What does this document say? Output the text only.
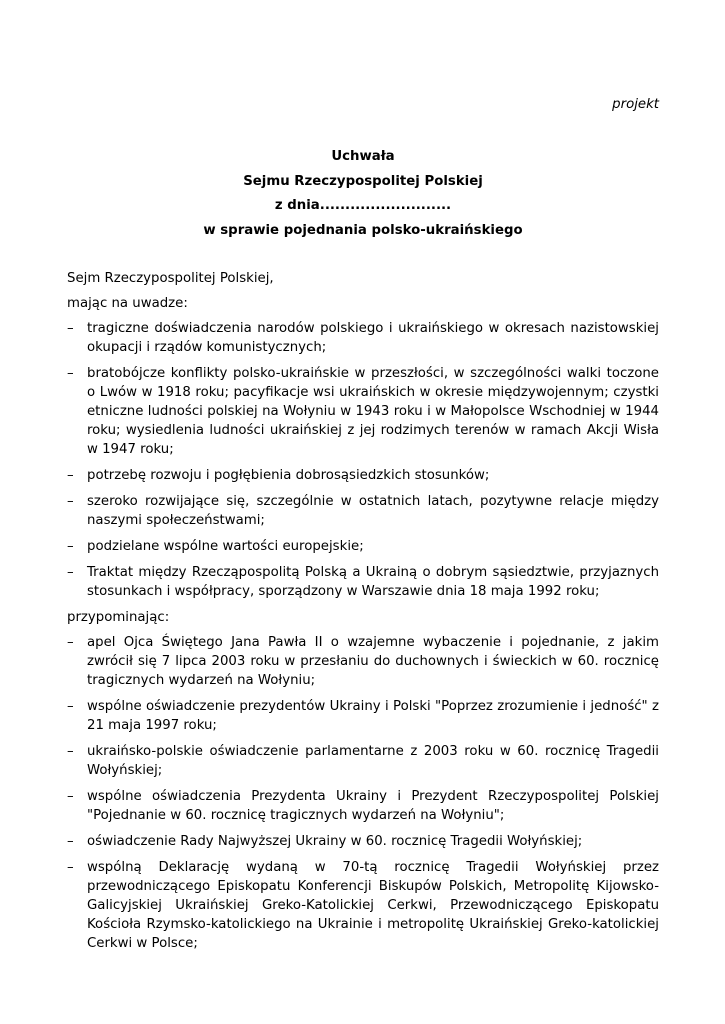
projekt
Uchwała
Sejmu Rzeczypospolitej Polskiej
z dnia..........................
w sprawie pojednania polsko-ukraińskiego

Sejm Rzeczypospolitej Polskiej,

mając na uwadze:

– tragiczne doświadczenia narodów polskiego i ukraińskiego w okresach nazistowskiej okupacji i rządów komunistycznych;
– bratobójcze konflikty polsko-ukraińskie w przeszłości, w szczególności walki toczone o Lwów w 1918 roku; pacyfikacje wsi ukraińskich w okresie międzywojennym; czystki etniczne ludności polskiej na Wołyniu w 1943 roku i w Małopolsce Wschodniej w 1944 roku; wysiedlenia ludności ukraińskiej z jej rodzimych terenów w ramach Akcji Wisła w 1947 roku;
– potrzebę rozwoju i pogłębienia dobrosąsiedzkich stosunków;
– szeroko rozwijające się, szczególnie w ostatnich latach, pozytywne relacje między naszymi społeczeństwami;
– podzielane wspólne wartości europejskie;
– Traktat między Rzecząpospolitą Polską a Ukrainą o dobrym sąsiedztwie, przyjaznych stosunkach i współpracy, sporządzony w Warszawie dnia 18 maja 1992 roku;

przypominając:

– apel Ojca Świętego Jana Pawła II o wzajemne wybaczenie i pojednanie, z jakim zwrócił się 7 lipca 2003 roku w przesłaniu do duchownych i świeckich w 60. rocznicę tragicznych wydarzeń na Wołyniu;
– wspólne oświadczenie prezydentów Ukrainy i Polski "Poprzez zrozumienie i jedność" z 21 maja 1997 roku;
– ukraińsko-polskie oświadczenie parlamentarne z 2003 roku w 60. rocznicę Tragedii Wołyńskiej;
– wspólne oświadczenia Prezydenta Ukrainy i Prezydent Rzeczypospolitej Polskiej "Pojednanie w 60. rocznicę tragicznych wydarzeń na Wołyniu";
– oświadczenie Rady Najwyższej Ukrainy w 60. rocznicę Tragedii Wołyńskiej;
– wspólną Deklarację wydaną w 70-tą rocznicę Tragedii Wołyńskiej przez przewodniczącego Episkopatu Konferencji Biskupów Polskich, Metropolitę Kijowsko-Galicyjskiej Ukraińskiej Greko-Katolickiej Cerkwi, Przewodniczącego Episkopatu Kościoła Rzymsko-katolickiego na Ukrainie i metropolitę Ukraińskiej Greko-katolickiej Cerkwi w Polsce;
